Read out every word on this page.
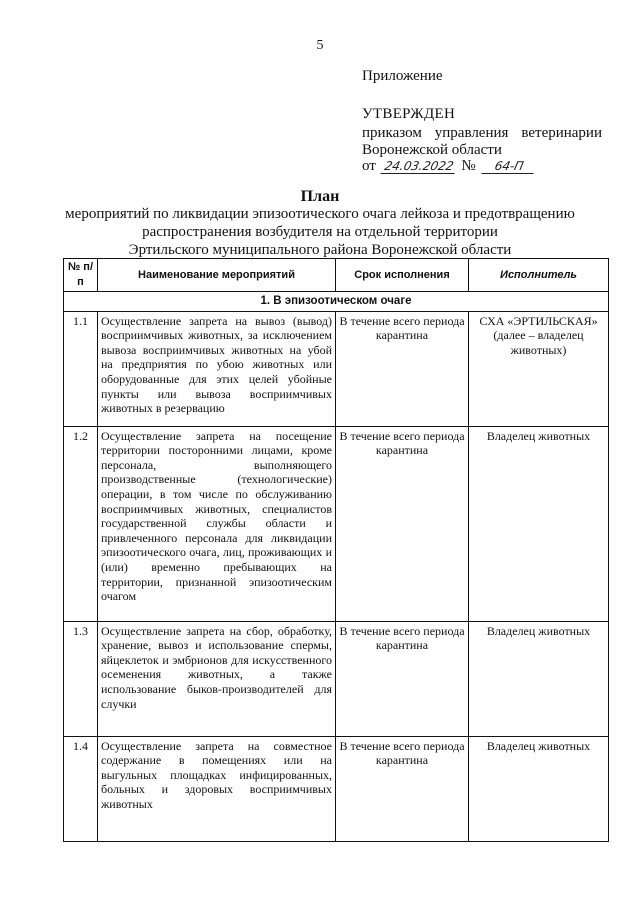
5
Приложение
УТВЕРЖДЕН
приказом управления ветеринарии
Воронежской области
от 24.03.2022 № 64-П
План
мероприятий по ликвидации эпизоотического очага лейкоза и предотвращению
распространения возбудителя на отдельной территории
Эртильского муниципального района Воронежской области
№ п/п	Наименование мероприятий	Срок исполнения	Исполнитель
1. В эпизоотическом очаге			
1.1	Осуществление запрета на вывоз (вывод) восприимчивых животных, за исключением вывоза восприимчивых животных на убой на предприятия по убою животных или оборудованные для этих целей убойные пункты или вывоза восприимчивых животных в резервацию	В течение всего периода карантина	СХА «ЭРТИЛЬСКАЯ» (далее – владелец животных)
1.2	Осуществление запрета на посещение территории посторонними лицами, кроме персонала, выполняющего производственные (технологические) операции, в том числе по обслуживанию восприимчивых животных, специалистов государственной службы области и привлеченного персонала для ликвидации эпизоотического очага, лиц, проживающих и (или) временно пребывающих на территории, признанной эпизоотическим очагом	В течение всего периода карантина	Владелец животных
1.3	Осуществление запрета на сбор, обработку, хранение, вывоз и использование спермы, яйцеклеток и эмбрионов для искусственного осеменения животных, а также использование быков-производителей для случки	В течение всего периода карантина	Владелец животных
1.4	Осуществление запрета на совместное содержание в помещениях или на выгульных площадках инфицированных, больных и здоровых восприимчивых животных	В течение всего периода карантина	Владелец животных
